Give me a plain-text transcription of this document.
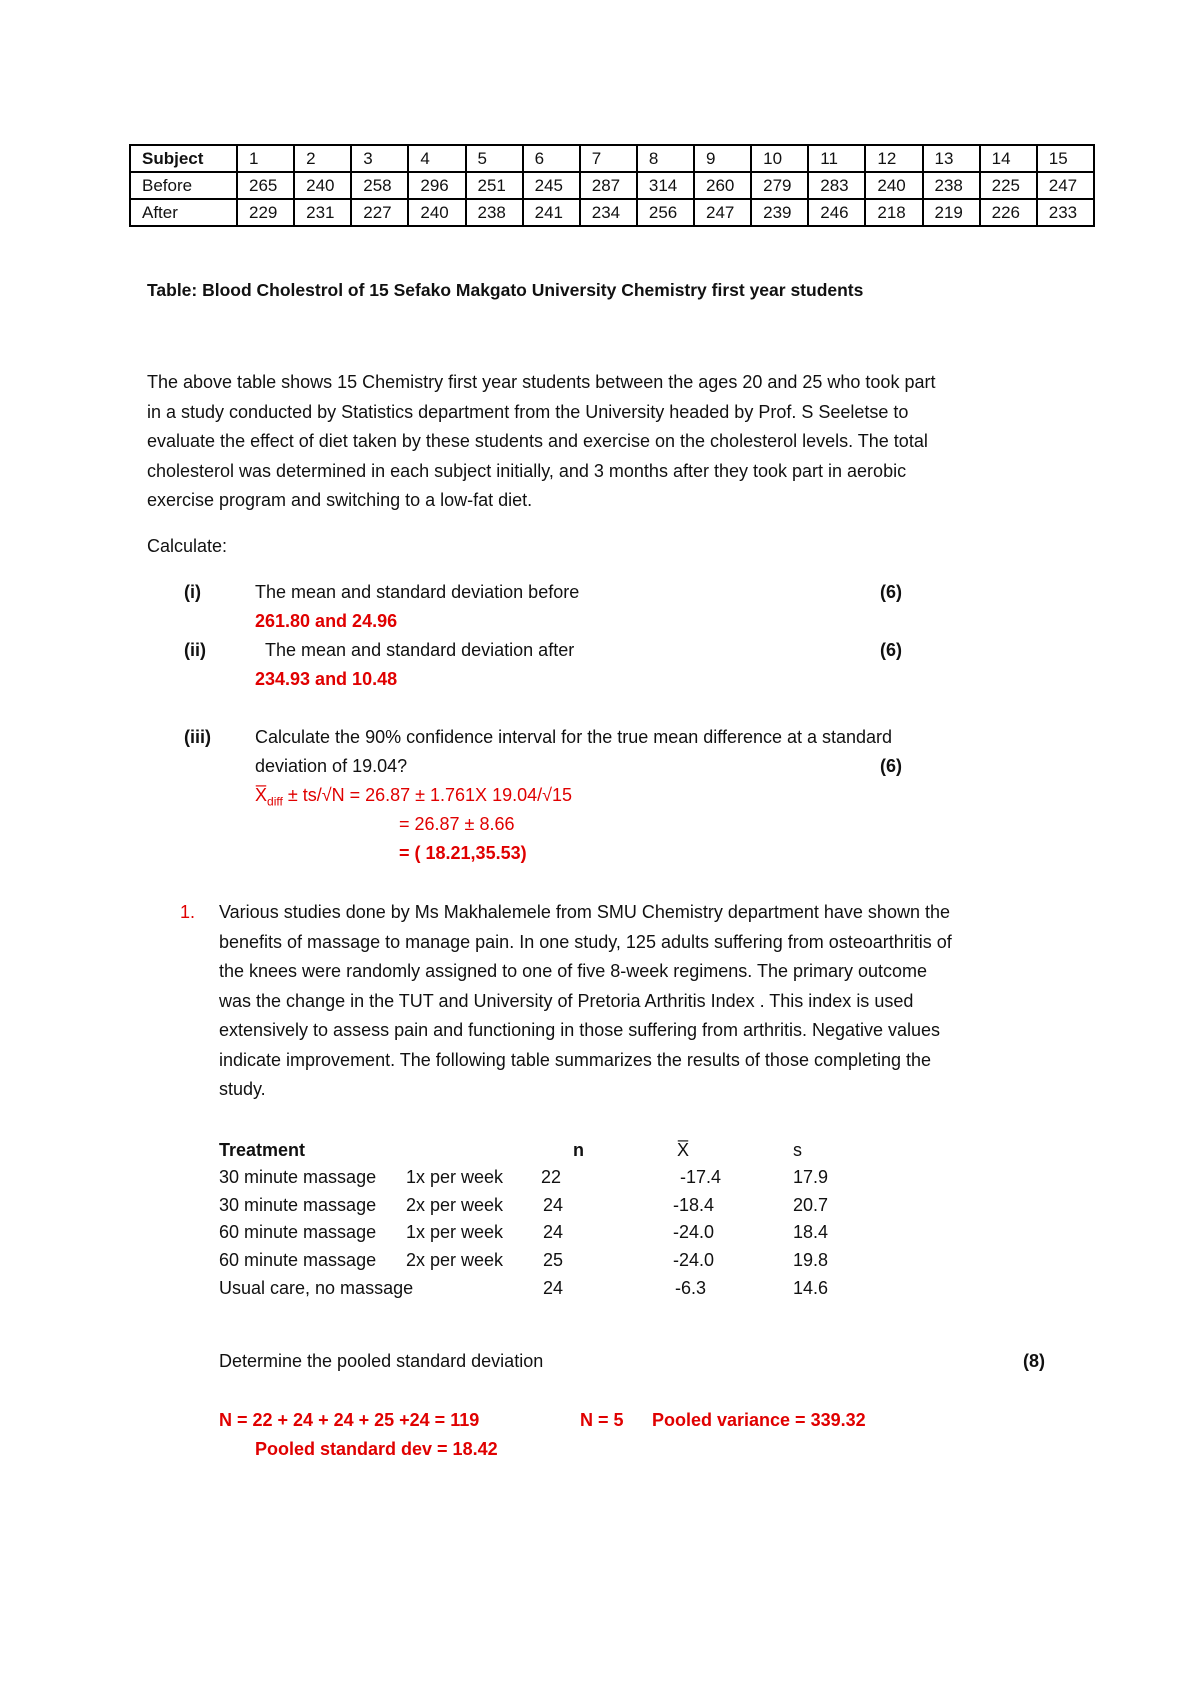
Subject	1	2	3	4	5	6	7	8	9	10	11	12	13	14	15
Before	265	240	258	296	251	245	287	314	260	279	283	240	238	225	247
After	229	231	227	240	238	241	234	256	247	239	246	218	219	226	233
Table: Blood Cholestrol of 15 Sefako Makgato University Chemistry first year students
The above table shows 15 Chemistry first year students between the ages 20 and 25 who took part
in a study conducted by Statistics department from the University headed by Prof. S Seeletse to
evaluate the effect of diet taken by these students and exercise on the cholesterol levels. The total
cholesterol was determined in each subject initially, and 3 months after they took part in aerobic
exercise program and switching to a low-fat diet.
Calculate:
(i)	The mean and standard deviation before	(6)
261.80 and 24.96
(ii)	The mean and standard deviation after	(6)
234.93 and 10.48
(iii) Calculate the 90% confidence interval for the true mean difference at a standard
deviation of 19.04?	(6)
$X̅_{diff} \pm ts/√N = 26.87 \pm 1.761X$ 19.04/√15
= 26.87 ± 8.66
= ( 18.21,35.53)
1. Various studies done by Ms Makhalemele from SMU Chemistry department have shown the
benefits of massage to manage pain. In one study, 125 adults suffering from osteoarthritis of
the knees were randomly assigned to one of five 8-week regimens. The primary outcome
was the change in the TUT and University of Pretoria Arthritis Index . This index is used
extensively to assess pain and functioning in those suffering from arthritis. Negative values
indicate improvement. The following table summarizes the results of those completing the
study.
Treatment	n	X̅	s
30 minute massage 1x per week 22	-17.4	17.9
30 minute massage 2x per week 24	-18.4	20.7
60 minute massage 1x per week 24	-24.0	18.4
60 minute massage 2x per week 25	-24.0	19.8
Usual care, no massage	24	-6.3	14.6
Determine the pooled standard deviation	(8)
N = 22 + 24 + 24 + 25 +24 = 119	N = 5 Pooled variance = 339.32
Pooled standard dev = 18.42
